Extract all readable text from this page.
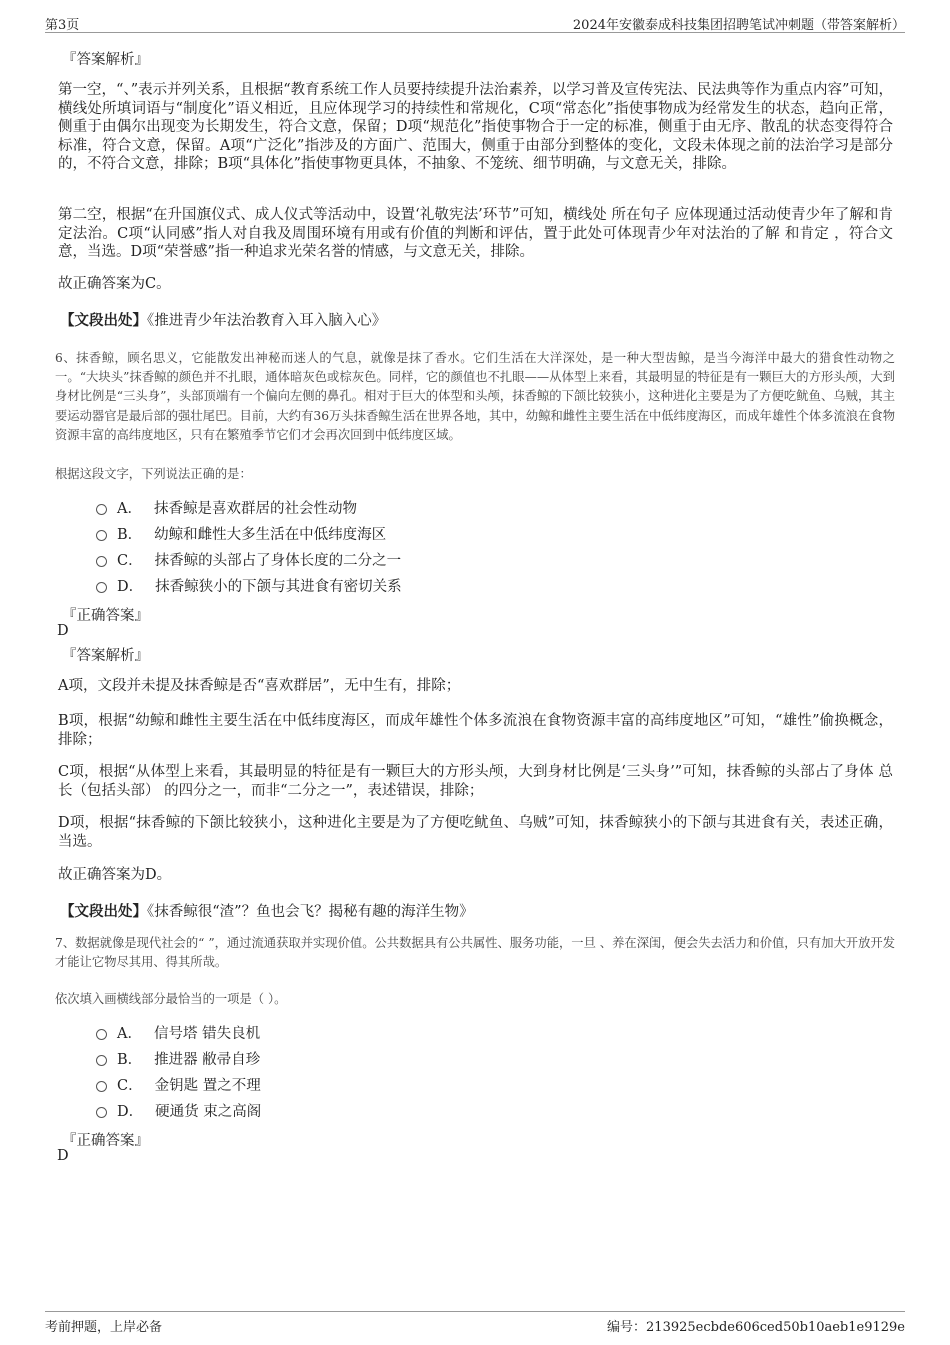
第3页	2024年安徽泰成科技集团招聘笔试冲刺题（带答案解析）
『答案解析』

第一空，“、”表示并列关系，且根据“教育系统工作人员要持续提升法治素养，以学习普及宣传宪法、民法典等作为重点内容”可知，横线处所填词语与“制度化”语义相近，且应体现学习的持续性和常规化，C项“常态化”指使事物成为经常发生的状态，趋向正常，侧重于由偶尔出现变为长期发生，符合文意，保留；D项“规范化”指使事物合于一定的标准，侧重于由无序、散乱的状态变得符合标准，符合文意，保留。A项“广泛化”指涉及的方面广、范围大，侧重于由部分到整体的变化，文段未体现之前的法治学习是部分的，不符合文意，排除；B项“具体化”指使事物更具体，不抽象、不笼统、细节明确，与文意无关，排除。

第二空，根据“在升国旗仪式、成人仪式等活动中，设置‘礼敬宪法’环节”可知，横线处 所在句子 应体现通过活动使青少年了解和肯定法治。C项“认同感”指人对自我及周围环境有用或有价值的判断和评估，置于此处可体现青少年对法治的了解 和肯定 ，符合文意，当选。D项“荣誉感”指一种追求光荣名誉的情感，与文意无关，排除。

故正确答案为C。
【文段出处】《推进青少年法治教育入耳入脑入心》

6、抹香鲸，顾名思义，它能散发出神秘而迷人的气息，就像是抹了香水。它们生活在大洋深处，是一种大型齿鲸，是当今海洋中最大的猎食性动物之一。“大块头”抹香鲸的颜色并不扎眼，通体暗灰色或棕灰色。同样，它的颜值也不扎眼——从体型上来看，其最明显的特征是有一颗巨大的方形头颅，大到身材比例是“三头身”，头部顶端有一个偏向左侧的鼻孔。相对于巨大的体型和头颅，抹香鲸的下颌比较狭小，这种进化主要是为了方便吃鱿鱼、乌贼，其主要运动器官是最后部的强壮尾巴。目前，大约有36万头抹香鲸生活在世界各地，其中，幼鲸和雌性主要生活在中低纬度海区，而成年雄性个体多流浪在食物资源丰富的高纬度地区，只有在繁殖季节它们才会再次回到中低纬度区域。

根据这段文字，下列说法正确的是：
A． 抹香鲸是喜欢群居的社会性动物
B． 幼鲸和雌性大多生活在中低纬度海区
C． 抹香鲸的头部占了身体长度的二分之一
D． 抹香鲸狭小的下颌与其进食有密切关系
『正确答案』
D
『答案解析』

A项，文段并未提及抹香鲸是否“喜欢群居”，无中生有，排除；

B项，根据“幼鲸和雌性主要生活在中低纬度海区，而成年雄性个体多流浪在食物资源丰富的高纬度地区”可知，“雄性”偷换概念，排除；

C项，根据“从体型上来看，其最明显的特征是有一颗巨大的方形头颅，大到身材比例是‘三头身’”可知，抹香鲸的头部占了身体 总长（包括头部） 的四分之一，而非“二分之一”，表述错误，排除；

D项，根据“抹香鲸的下颌比较狭小，这种进化主要是为了方便吃鱿鱼、乌贼”可知，抹香鲸狭小的下颌与其进食有关，表述正确，当选。

故正确答案为D。
【文段出处】《抹香鲸很“渣”？鱼也会飞？揭秘有趣的海洋生物》

7、数据就像是现代社会的“ ”，通过流通获取并实现价值。公共数据具有公共属性、服务功能，一旦 、养在深闺，便会失去活力和价值，只有加大开放开发才能让它物尽其用、得其所哉。

依次填入画横线部分最恰当的一项是（ ）。
A． 信号塔 错失良机
B． 推进器 敝帚自珍
C． 金钥匙 置之不理
D． 硬通货 束之高阁
『正确答案』
D
考前押题，上岸必备	编号：213925ecbde606ced50b10aeb1e9129e
